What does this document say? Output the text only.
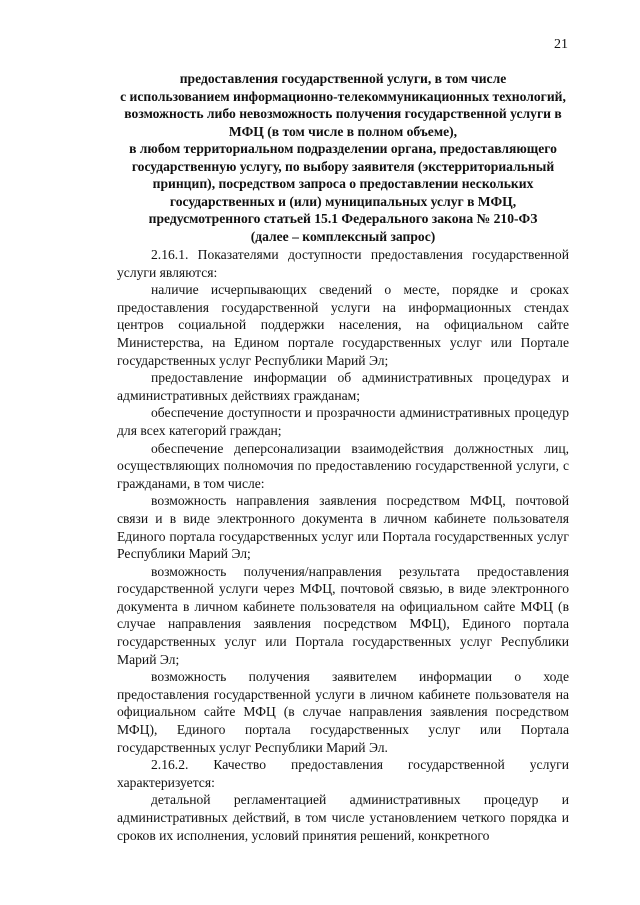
21
предоставления государственной услуги, в том числе
с использованием информационно-телекоммуникационных технологий,
возможность либо невозможность получения государственной услуги в
МФЦ (в том числе в полном объеме),
в любом территориальном подразделении органа, предоставляющего
государственную услугу, по выбору заявителя (экстерриториальный
принцип), посредством запроса о предоставлении нескольких
государственных и (или) муниципальных услуг в МФЦ,
предусмотренного статьей 15.1 Федерального закона № 210-ФЗ
(далее – комплексный запрос)

2.16.1. Показателями доступности предоставления государственной услуги являются:

наличие исчерпывающих сведений о месте, порядке и сроках предоставления государственной услуги на информационных стендах центров социальной поддержки населения, на официальном сайте Министерства, на Едином портале государственных услуг или Портале государственных услуг Республики Марий Эл;

предоставление информации об административных процедурах и административных действиях гражданам;

обеспечение доступности и прозрачности административных процедур для всех категорий граждан;

обеспечение деперсонализации взаимодействия должностных лиц, осуществляющих полномочия по предоставлению государственной услуги, с гражданами, в том числе:

возможность направления заявления посредством МФЦ, почтовой связи и в виде электронного документа в личном кабинете пользователя Единого портала государственных услуг или Портала государственных услуг Республики Марий Эл;

возможность получения/направления результата предоставления государственной услуги через МФЦ, почтовой связью, в виде электронного документа в личном кабинете пользователя на официальном сайте МФЦ (в случае направления заявления посредством МФЦ), Единого портала государственных услуг или Портала государственных услуг Республики Марий Эл;

возможность получения заявителем информации о ходе предоставления государственной услуги в личном кабинете пользователя на официальном сайте МФЦ (в случае направления заявления посредством МФЦ), Единого портала государственных услуг или Портала государственных услуг Республики Марий Эл.

2.16.2. Качество предоставления государственной услуги характеризуется:

детальной регламентацией административных процедур и административных действий, в том числе установлением четкого порядка и сроков их исполнения, условий принятия решений, конкретного
